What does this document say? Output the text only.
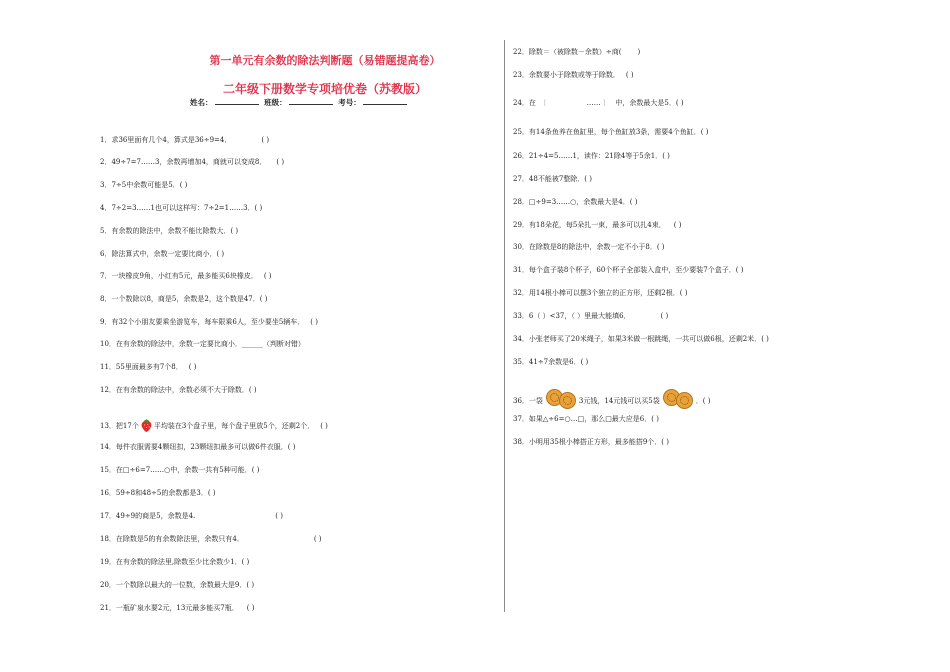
第一单元有余数的除法判断题（易错题提高卷）
二年级下册数学专项培优卷（苏教版）
姓名：	班级：	考号：
1．求36里面有几个4，算式是36÷9=4．	( )
2．49÷7=7……3，余数再增加4，商就可以变成8． ( )
3．7÷5中余数可能是5．( )
4．7÷2=3……1也可以这样写：7÷2=1……3．( )
5．有余数的除法中，余数不能比除数大．( )
6．除法算式中，余数一定要比商小．( )
7．一块橡皮9角，小红有5元，最多能买6块橡皮． ( )
8．一个数除以8，商是5，余数是2，这个数是47．( )
9．有32个小朋友要乘坐游览车，每车限乘6人，至少要坐5辆车． ( )
10．在有余数的除法中，余数一定要比商小．______（判断对错）
11．55里面最多有7个8． ( )
12．在有余数的除法中，余数必须不大于除数．( )
13．把17个 平均装在3个盘子里，每个盘子里放5个，还剩2个． ( )
14．每件衣服需要4颗纽扣，23颗纽扣最多可以做6件衣服．( )
15．在□÷6=7……○中，余数一共有5种可能．( )
16．59÷8和48÷5的余数都是3．( )
17．49÷9的商是5，余数是4.	( )
18．在除数是5的有余数除法里，余数只有4．	( )
19．在有余数的除法里,除数至少比余数少1．( )
20．一个数除以最大的一位数，余数最大是9．( )
21．一瓶矿泉水要2元，13元最多能买7瓶． ( )
22．除数＝（被除数－余数）÷商( )
23．余数要小于除数或等于除数． ( )
24．在 ⌈	…… ⌉ 中，余数最大是5．( )
25．有14条鱼养在鱼缸里，每个鱼缸放3条，需要4个鱼缸．( )
26．21÷4=5……1，读作：21除4等于5余1．( )
27．48不能被7整除．( )
28．□÷9=3……○，余数最大是4．( )
29．有18朵花，每5朵扎一束，最多可以扎4束． ( )
30．在除数是8的除法中，余数一定不小于8．( )
31．每个盒子装8个杯子，60个杯子全部装入盒中，至少要装7个盒子．( )
32．用14根小棒可以摆3个独立的正方形，还剩2根．( )
33．6（ ）<37，（ ）里最大能填6．	( )
34．小张老师买了20米绳子，如果3米做一根跳绳，一共可以做6根，还剩2米．( )
35．41÷7余数是6．( )
36．一袋	3元钱，14元钱可以买5袋	．( )
37．如果△÷6=○…□，那么□最大应是6．( )
38．小明用35根小棒搭正方形，最多能搭9个．( )
